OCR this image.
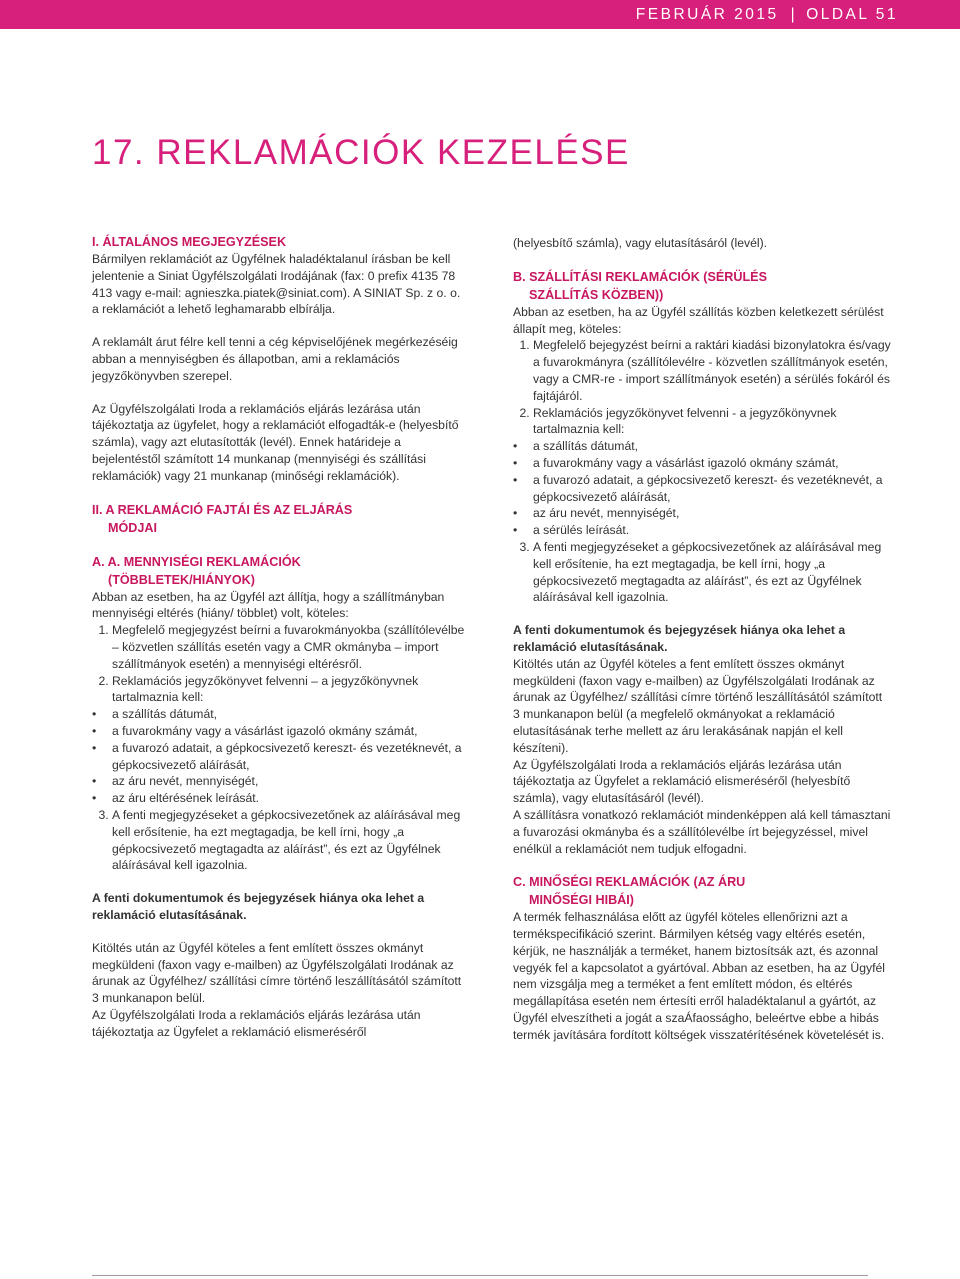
FEBRUÁR 2015 | OLDAL 51
17. REKLAMÁCIÓK KEZELÉSE
I. ÁLTALÁNOS MEGJEGYZÉSEK

Bármilyen reklamációt az Ügyfélnek haladéktalanul írásban be kell jelentenie a Siniat Ügyfélszolgálati Irodájának (fax: 0 prefix 4135 78 413 vagy e-mail: agnieszka.piatek@siniat.com). A SINIAT Sp. z o. o. a reklamációt a lehető leghamarabb elbírálja.

A reklamált árut félre kell tenni a cég képviselőjének megérkezéséig abban a mennyiségben és állapotban, ami a reklamációs jegyzőkönyvben szerepel.

Az Ügyfélszolgálati Iroda a reklamációs eljárás lezárása után tájékoztatja az ügyfelet, hogy a reklamációt elfogadták-e (helyesbítő számla), vagy azt elutasították (levél). Ennek határideje a bejelentéstől számított 14 munkanap (mennyiségi és szállítási reklamációk) vagy 21 munkanap (minőségi reklamációk).

II. A REKLAMÁCIÓ FAJTÁI ÉS AZ ELJÁRÁS
MÓDJAI
A. A. MENNYISÉGI REKLAMÁCIÓK
(TÖBBLETEK/HIÁNYOK)

Abban az esetben, ha az Ügyfél azt állítja, hogy a szállítmányban mennyiségi eltérés (hiány/ többlet) volt, köteles:

1. Megfelelő megjegyzést beírni a fuvarokmányokba (szállítólevélbe – közvetlen szállítás esetén vagy a CMR okmányba – import szállítmányok esetén) a mennyiségi eltérésről.
2. Reklamációs jegyzőkönyvet felvenni – a jegyzőkönyvnek tartalmaznia kell:
• a szállítás dátumát,
• a fuvarokmány vagy a vásárlást igazoló okmány számát,
• a fuvarozó adatait, a gépkocsivezető kereszt- és vezetéknevét, a gépkocsivezető aláírását,
• az áru nevét, mennyiségét,
• az áru eltérésének leírását.
3. A fenti megjegyzéseket a gépkocsivezetőnek az aláírásával meg kell erősítenie, ha ezt megtagadja, be kell írni, hogy „a gépkocsivezető megtagadta az aláírást”, és ezt az Ügyfélnek aláírásával kell igazolnia.

A fenti dokumentumok és bejegyzések hiánya oka lehet a reklamáció elutasításának.

Kitöltés után az Ügyfél köteles a fent említett összes okmányt megküldeni (faxon vagy e-mailben) az Ügyfélszolgálati Irodának az árunak az Ügyfélhez/ szállítási címre történő leszállításától számított 3 munkanapon belül.

Az Ügyfélszolgálati Iroda a reklamációs eljárás lezárása után tájékoztatja az Ügyfelet a reklamáció elismeréséről

(helyesbítő számla), vagy elutasításáról (levél).

B. SZÁLLÍTÁSI REKLAMÁCIÓK (SÉRÜLÉS
SZÁLLÍTÁS KÖZBEN))

Abban az esetben, ha az Ügyfél szállítás közben keletkezett sérülést állapít meg, köteles:

1. Megfelelő bejegyzést beírni a raktári kiadási bizonylatokra és/vagy a fuvarokmányra (szállítólevélre - közvetlen szállítmányok esetén, vagy a CMR-re - import szállítmányok esetén) a sérülés fokáról és fajtájáról.
2. Reklamációs jegyzőkönyvet felvenni - a jegyzőkönyvnek tartalmaznia kell:
• a szállítás dátumát,
• a fuvarokmány vagy a vásárlást igazoló okmány számát,
• a fuvarozó adatait, a gépkocsivezető kereszt- és vezetéknevét, a gépkocsivezető aláírását,
• az áru nevét, mennyiségét,
• a sérülés leírását.
3. A fenti megjegyzéseket a gépkocsivezetőnek az aláírásával meg kell erősítenie, ha ezt megtagadja, be kell írni, hogy „a gépkocsivezető megtagadta az aláírást”, és ezt az Ügyfélnek aláírásával kell igazolnia.

A fenti dokumentumok és bejegyzések hiánya oka lehet a reklamáció elutasításának.

Kitöltés után az Ügyfél köteles a fent említett összes okmányt megküldeni (faxon vagy e-mailben) az Ügyfélszolgálati Irodának az árunak az Ügyfélhez/ szállítási címre történő leszállításától számított 3 munkanapon belül (a megfelelő okmányokat a reklamáció elutasításának terhe mellett az áru lerakásának napján el kell készíteni).

Az Ügyfélszolgálati Iroda a reklamációs eljárás lezárása után tájékoztatja az Ügyfelet a reklamáció elismeréséről (helyesbítő számla), vagy elutasításáról (levél).

A szállításra vonatkozó reklamációt mindenképpen alá kell támasztani a fuvarozási okmányba és a szállítólevélbe írt bejegyzéssel, mivel enélkül a reklamációt nem tudjuk elfogadni.

C. MINŐSÉGI REKLAMÁCIÓK (AZ ÁRU
MINŐSÉGI HIBÁI)

A termék felhasználása előtt az ügyfél köteles ellenőrizni azt a termékspecifikáció szerint. Bármilyen kétség vagy eltérés esetén, kérjük, ne használják a terméket, hanem biztosítsák azt, és azonnal vegyék fel a kapcsolatot a gyártóval. Abban az esetben, ha az Ügyfél nem vizsgálja meg a terméket a fent említett módon, és eltérés megállapítása esetén nem értesíti erről haladéktalanul a gyártót, az Ügyfél elveszítheti a jogát a szaÁfaosságho, beleértve ebbe a hibás termék javítására fordított költségek visszatérítésének követelését is.
